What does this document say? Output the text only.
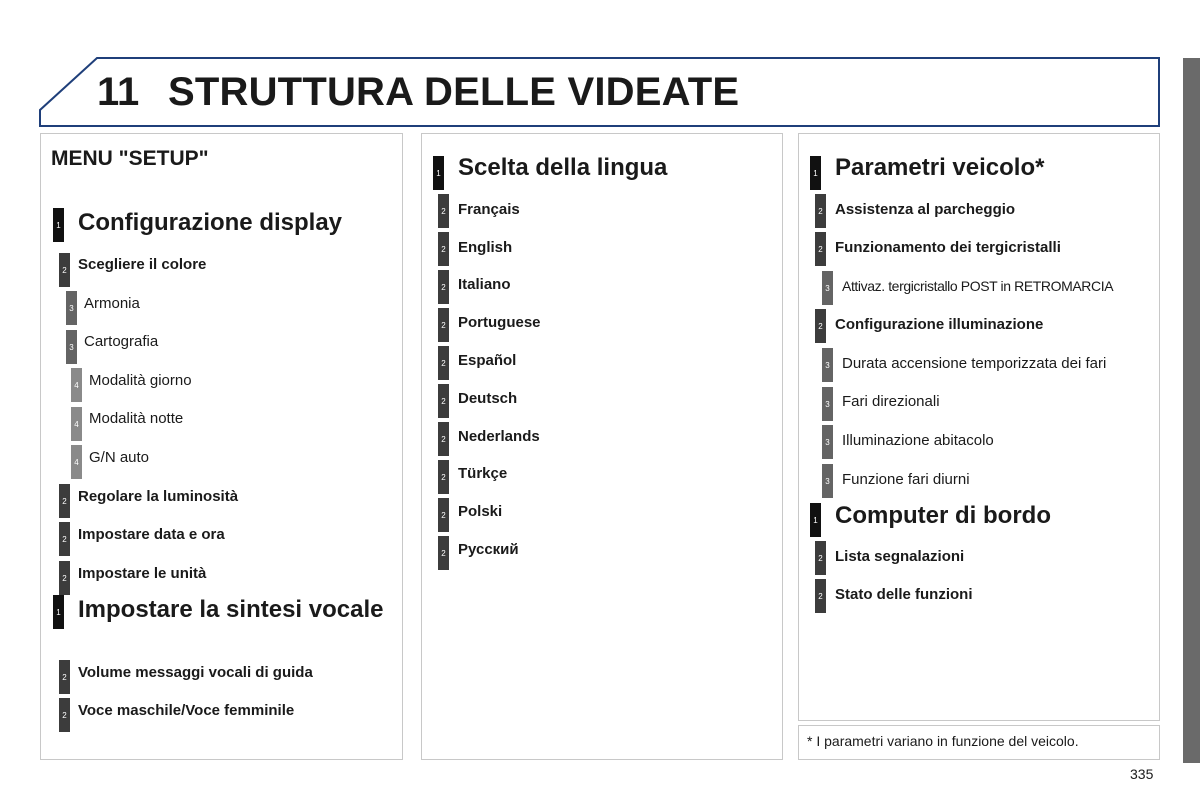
11 STRUTTURA DELLE VIDEATE
MENU "SETUP"
1 Configurazione display
2 Scegliere il colore
3 Armonia
3 Cartografia
4 Modalità giorno
4 Modalità notte
4 G/N auto
2 Regolare la luminosità
2 Impostare data e ora
2 Impostare le unità
1 Impostare la sintesi vocale
2 Volume messaggi vocali di guida
2 Voce maschile/Voce femminile
1 Scelta della lingua
2 Français
2 English
2 Italiano
2 Portuguese
2 Español
2 Deutsch
2 Nederlands
2 Türkçe
2 Polski
2 Русский
1 Parametri veicolo*
2 Assistenza al parcheggio
2 Funzionamento dei tergicristalli
3 Attivaz. tergicristallo POST in RETROMARCIA
2 Configurazione illuminazione
3 Durata accensione temporizzata dei fari
3 Fari direzionali
3 Illuminazione abitacolo
3 Funzione fari diurni
1 Computer di bordo
2 Lista segnalazioni
2 Stato delle funzioni
* I parametri variano in funzione del veicolo.
335
